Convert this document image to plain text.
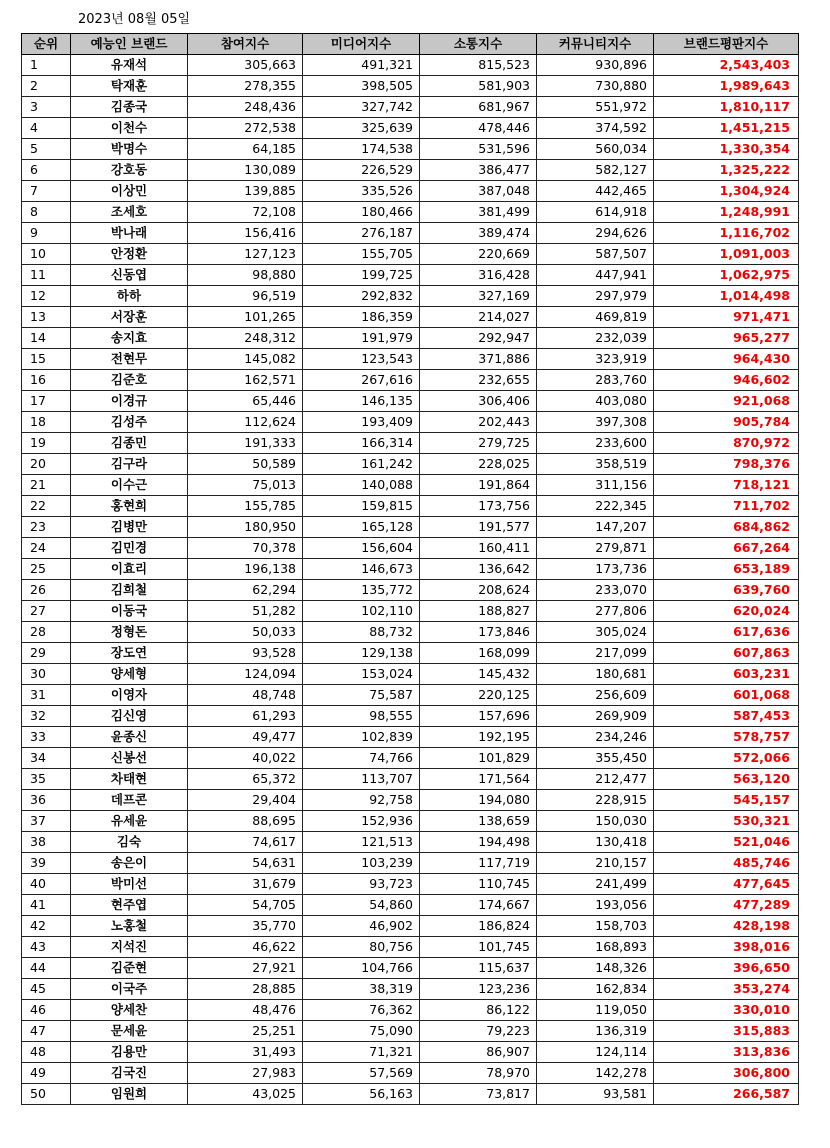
2023년 08월 05일
순위	예능인 브랜드	참여지수	미디어지수	소통지수	커뮤니티지수	브랜드평판지수
1	유재석	305,663	491,321	815,523	930,896	2,543,403
2	탁재훈	278,355	398,505	581,903	730,880	1,989,643
3	김종국	248,436	327,742	681,967	551,972	1,810,117
4	이천수	272,538	325,639	478,446	374,592	1,451,215
5	박명수	64,185	174,538	531,596	560,034	1,330,354
6	강호동	130,089	226,529	386,477	582,127	1,325,222
7	이상민	139,885	335,526	387,048	442,465	1,304,924
8	조세호	72,108	180,466	381,499	614,918	1,248,991
9	박나래	156,416	276,187	389,474	294,626	1,116,702
10	안정환	127,123	155,705	220,669	587,507	1,091,003
11	신동엽	98,880	199,725	316,428	447,941	1,062,975
12	하하	96,519	292,832	327,169	297,979	1,014,498
13	서장훈	101,265	186,359	214,027	469,819	971,471
14	송지효	248,312	191,979	292,947	232,039	965,277
15	전현무	145,082	123,543	371,886	323,919	964,430
16	김준호	162,571	267,616	232,655	283,760	946,602
17	이경규	65,446	146,135	306,406	403,080	921,068
18	김성주	112,624	193,409	202,443	397,308	905,784
19	김종민	191,333	166,314	279,725	233,600	870,972
20	김구라	50,589	161,242	228,025	358,519	798,376
21	이수근	75,013	140,088	191,864	311,156	718,121
22	홍현희	155,785	159,815	173,756	222,345	711,702
23	김병만	180,950	165,128	191,577	147,207	684,862
24	김민경	70,378	156,604	160,411	279,871	667,264
25	이효리	196,138	146,673	136,642	173,736	653,189
26	김희철	62,294	135,772	208,624	233,070	639,760
27	이동국	51,282	102,110	188,827	277,806	620,024
28	정형돈	50,033	88,732	173,846	305,024	617,636
29	장도연	93,528	129,138	168,099	217,099	607,863
30	양세형	124,094	153,024	145,432	180,681	603,231
31	이영자	48,748	75,587	220,125	256,609	601,068
32	김신영	61,293	98,555	157,696	269,909	587,453
33	윤종신	49,477	102,839	192,195	234,246	578,757
34	신봉선	40,022	74,766	101,829	355,450	572,066
35	차태현	65,372	113,707	171,564	212,477	563,120
36	데프콘	29,404	92,758	194,080	228,915	545,157
37	유세윤	88,695	152,936	138,659	150,030	530,321
38	김숙	74,617	121,513	194,498	130,418	521,046
39	송은이	54,631	103,239	117,719	210,157	485,746
40	박미선	31,679	93,723	110,745	241,499	477,645
41	현주엽	54,705	54,860	174,667	193,056	477,289
42	노홍철	35,770	46,902	186,824	158,703	428,198
43	지석진	46,622	80,756	101,745	168,893	398,016
44	김준현	27,921	104,766	115,637	148,326	396,650
45	이국주	28,885	38,319	123,236	162,834	353,274
46	양세찬	48,476	76,362	86,122	119,050	330,010
47	문세윤	25,251	75,090	79,223	136,319	315,883
48	김용만	31,493	71,321	86,907	124,114	313,836
49	김국진	27,983	57,569	78,970	142,278	306,800
50	임원희	43,025	56,163	73,817	93,581	266,587
